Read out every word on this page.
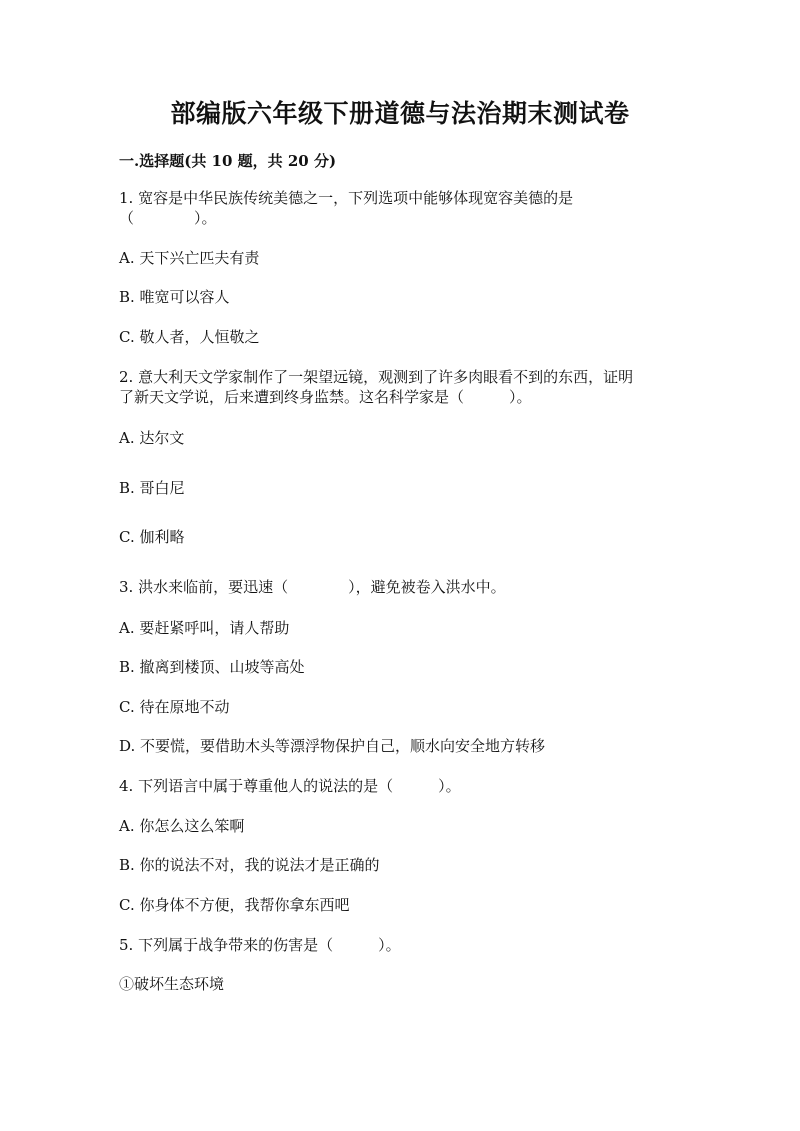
部编版六年级下册道德与法治期末测试卷
一.选择题(共 10 题，共 20 分)
1. 宽容是中华民族传统美德之一，下列选项中能够体现宽容美德的是
（　　　　）。
A. 天下兴亡匹夫有责
B. 唯宽可以容人
C. 敬人者，人恒敬之
2. 意大利天文学家制作了一架望远镜，观测到了许多肉眼看不到的东西，证明
了新天文学说，后来遭到终身监禁。这名科学家是（　　　）。
A. 达尔文
B. 哥白尼
C. 伽利略
3. 洪水来临前，要迅速（　　　　），避免被卷入洪水中。
A. 要赶紧呼叫，请人帮助
B. 撤离到楼顶、山坡等高处
C. 待在原地不动
D. 不要慌，要借助木头等漂浮物保护自己，顺水向安全地方转移
4. 下列语言中属于尊重他人的说法的是（　　　）。
A. 你怎么这么笨啊
B. 你的说法不对，我的说法才是正确的
C. 你身体不方便，我帮你拿东西吧
5. 下列属于战争带来的伤害是（　　　）。
①破坏生态环境
